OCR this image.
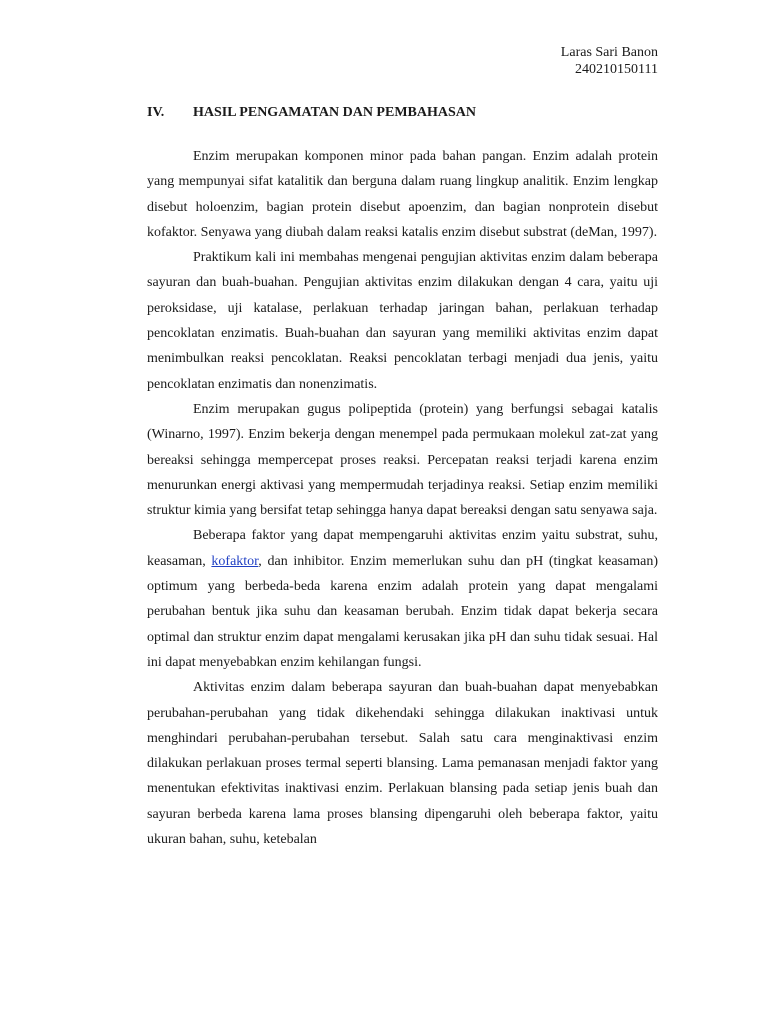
Laras Sari Banon
240210150111
IV. HASIL PENGAMATAN DAN PEMBAHASAN

Enzim merupakan komponen minor pada bahan pangan. Enzim adalah protein yang mempunyai sifat katalitik dan berguna dalam ruang lingkup analitik. Enzim lengkap disebut holoenzim, bagian protein disebut apoenzim, dan bagian nonprotein disebut kofaktor. Senyawa yang diubah dalam reaksi katalis enzim disebut substrat (deMan, 1997).

Praktikum kali ini membahas mengenai pengujian aktivitas enzim dalam beberapa sayuran dan buah-buahan. Pengujian aktivitas enzim dilakukan dengan 4 cara, yaitu uji peroksidase, uji katalase, perlakuan terhadap jaringan bahan, perlakuan terhadap pencoklatan enzimatis. Buah-buahan dan sayuran yang memiliki aktivitas enzim dapat menimbulkan reaksi pencoklatan. Reaksi pencoklatan terbagi menjadi dua jenis, yaitu pencoklatan enzimatis dan nonenzimatis.

Enzim merupakan gugus polipeptida (protein) yang berfungsi sebagai katalis (Winarno, 1997). Enzim bekerja dengan menempel pada permukaan molekul zat-zat yang bereaksi sehingga mempercepat proses reaksi. Percepatan reaksi terjadi karena enzim menurunkan energi aktivasi yang mempermudah terjadinya reaksi. Setiap enzim memiliki struktur kimia yang bersifat tetap sehingga hanya dapat bereaksi dengan satu senyawa saja.

Beberapa faktor yang dapat mempengaruhi aktivitas enzim yaitu substrat, suhu, keasaman, kofaktor, dan inhibitor. Enzim memerlukan suhu dan pH (tingkat keasaman) optimum yang berbeda-beda karena enzim adalah protein yang dapat mengalami perubahan bentuk jika suhu dan keasaman berubah. Enzim tidak dapat bekerja secara optimal dan struktur enzim dapat mengalami kerusakan jika pH dan suhu tidak sesuai. Hal ini dapat menyebabkan enzim kehilangan fungsi.

Aktivitas enzim dalam beberapa sayuran dan buah-buahan dapat menyebabkan perubahan-perubahan yang tidak dikehendaki sehingga dilakukan inaktivasi untuk menghindari perubahan-perubahan tersebut. Salah satu cara menginaktivasi enzim dilakukan perlakuan proses termal seperti blansing. Lama pemanasan menjadi faktor yang menentukan efektivitas inaktivasi enzim. Perlakuan blansing pada setiap jenis buah dan sayuran berbeda karena lama proses blansing dipengaruhi oleh beberapa faktor, yaitu ukuran bahan, suhu, ketebalan
